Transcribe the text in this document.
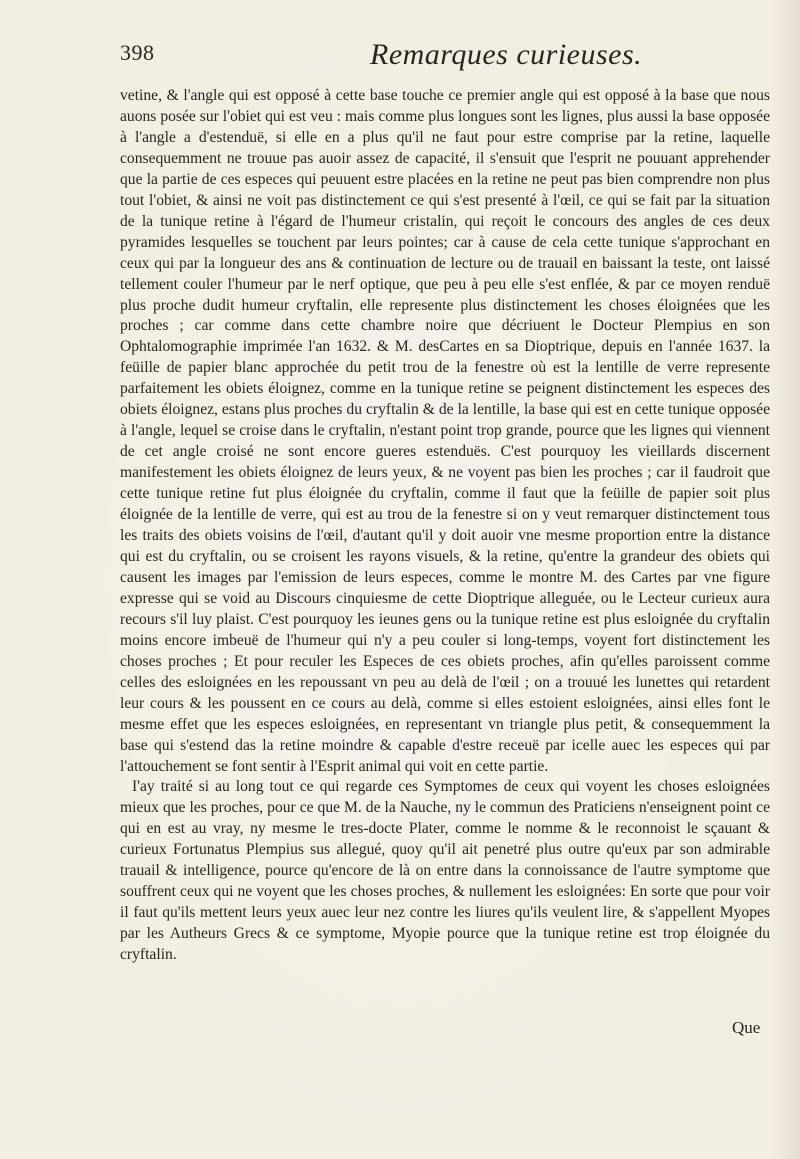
398	Remarques curieuses.

vetine, & l'angle qui est opposé à cette base touche ce premier angle qui est opposé à la base que nous auons posée sur l'obiet qui est veu : mais comme plus longues sont les lignes, plus aussi la base opposée à l'angle a d'estenduë, si elle en a plus qu'il ne faut pour estre comprise par la retine, laquelle consequemment ne trouue pas auoir assez de capacité, il s'ensuit que l'esprit ne pouuant apprehender que la partie de ces especes qui peuuent estre placées en la retine ne peut pas bien comprendre non plus tout l'obiet, & ainsi ne voit pas distinctement ce qui s'est presenté à l'œil, ce qui se fait par la situation de la tunique retine à l'égard de l'humeur cristalin, qui reçoit le concours des angles de ces deux pyramides lesquelles se touchent par leurs pointes; car à cause de cela cette tunique s'approchant en ceux qui par la longueur des ans & continuation de lecture ou de trauail en baissant la teste, ont laissé tellement couler l'humeur par le nerf optique, que peu à peu elle s'est enflée, & par ce moyen renduë plus proche dudit humeur cryftalin, elle represente plus distinctement les choses éloignées que les proches ; car comme dans cette chambre noire que décriuent le Docteur Plempius en son Ophtalomographie imprimée l'an 1632. & M. desCartes en sa Dioptrique, depuis en l'année 1637. la feüille de papier blanc approchée du petit trou de la fenestre où est la lentille de verre represente parfaitement les obiets éloignez, comme en la tunique retine se peignent distinctement les especes des obiets éloignez, estans plus proches du cryftalin & de la lentille, la base qui est en cette tunique opposée à l'angle, lequel se croise dans le cryftalin, n'estant point trop grande, pource que les lignes qui viennent de cet angle croisé ne sont encore gueres estenduës. C'est pourquoy les vieillards discernent manifestement les obiets éloignez de leurs yeux, & ne voyent pas bien les proches ; car il faudroit que cette tunique retine fut plus éloignée du cryftalin, comme il faut que la feüille de papier soit plus éloignée de la lentille de verre, qui est au trou de la fenestre si on y veut remarquer distinctement tous les traits des obiets voisins de l'œil, d'autant qu'il y doit auoir vne mesme proportion entre la distance qui est du cryftalin, ou se croisent les rayons visuels, & la retine, qu'entre la grandeur des obiets qui causent les images par l'emission de leurs especes, comme le montre M. des Cartes par vne figure expresse qui se void au Discours cinquiesme de cette Dioptrique alleguée, ou le Lecteur curieux aura recours s'il luy plaist. C'est pourquoy les ieunes gens ou la tunique retine est plus esloignée du cryftalin moins encore imbeuë de l'humeur qui n'y a peu couler si long-temps, voyent fort distinctement les choses proches ; Et pour reculer les Especes de ces obiets proches, afin qu'elles paroissent comme celles des esloignées en les repoussant vn peu au delà de l'œil ; on a trouué les lunettes qui retardent leur cours & les poussent en ce cours au delà, comme si elles estoient esloignées, ainsi elles font le mesme effet que les especes esloignées, en representant vn triangle plus petit, & consequemment la base qui s'estend das la retine moindre & capable d'estre receuë par icelle auec les especes qui par l'attouchement se font sentir à l'Esprit animal qui voit en cette partie.

I'ay traité si au long tout ce qui regarde ces Symptomes de ceux qui voyent les choses esloignées mieux que les proches, pour ce que M. de la Nauche, ny le commun des Praticiens n'enseignent point ce qui en est au vray, ny mesme le tres-docte Plater, comme le nomme & le reconnoist le sçauant & curieux Fortunatus Plempius sus allegué, quoy qu'il ait penetré plus outre qu'eux par son admirable trauail & intelligence, pource qu'encore de là on entre dans la connoissance de l'autre symptome que souffrent ceux qui ne voyent que les choses proches, & nullement les esloignées: En sorte que pour voir il faut qu'ils mettent leurs yeux auec leur nez contre les liures qu'ils veulent lire, & s'appellent Myopes par les Autheurs Grecs & ce symptome, Myopie pource que la tunique retine est trop éloignée du cryftalin.

Que
